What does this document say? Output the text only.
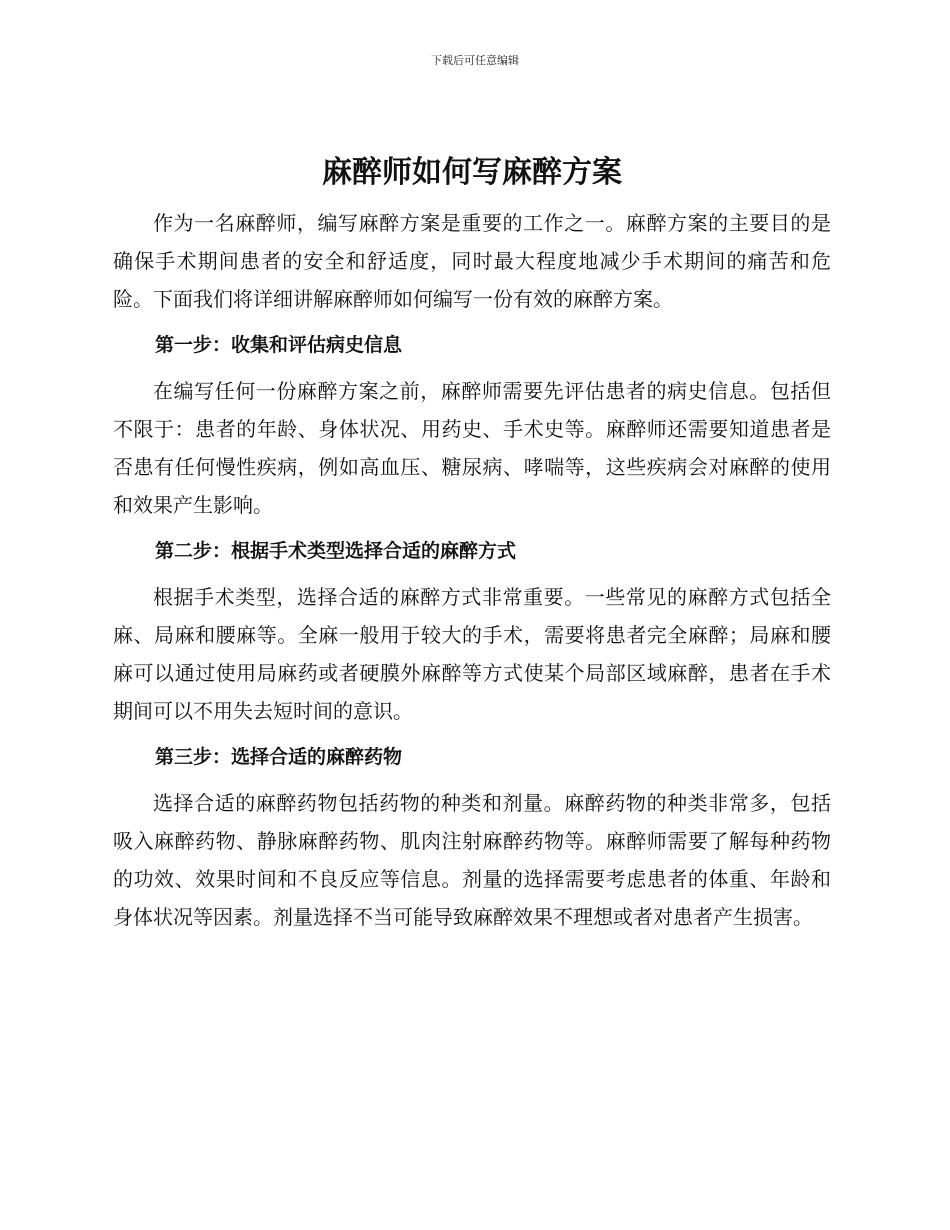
下载后可任意编辑
麻醉师如何写麻醉方案

作为一名麻醉师，编写麻醉方案是重要的工作之一。麻醉方案的主要目的是确保手术期间患者的安全和舒适度，同时最大程度地减少手术期间的痛苦和危险。下面我们将详细讲解麻醉师如何编写一份有效的麻醉方案。

第一步：收集和评估病史信息

在编写任何一份麻醉方案之前，麻醉师需要先评估患者的病史信息。包括但不限于：患者的年龄、身体状况、用药史、手术史等。麻醉师还需要知道患者是否患有任何慢性疾病，例如高血压、糖尿病、哮喘等，这些疾病会对麻醉的使用和效果产生影响。

第二步：根据手术类型选择合适的麻醉方式

根据手术类型，选择合适的麻醉方式非常重要。一些常见的麻醉方式包括全麻、局麻和腰麻等。全麻一般用于较大的手术，需要将患者完全麻醉；局麻和腰麻可以通过使用局麻药或者硬膜外麻醉等方式使某个局部区域麻醉，患者在手术期间可以不用失去短时间的意识。

第三步：选择合适的麻醉药物

选择合适的麻醉药物包括药物的种类和剂量。麻醉药物的种类非常多，包括吸入麻醉药物、静脉麻醉药物、肌肉注射麻醉药物等。麻醉师需要了解每种药物的功效、效果时间和不良反应等信息。剂量的选择需要考虑患者的体重、年龄和身体状况等因素。剂量选择不当可能导致麻醉效果不理想或者对患者产生损害。
